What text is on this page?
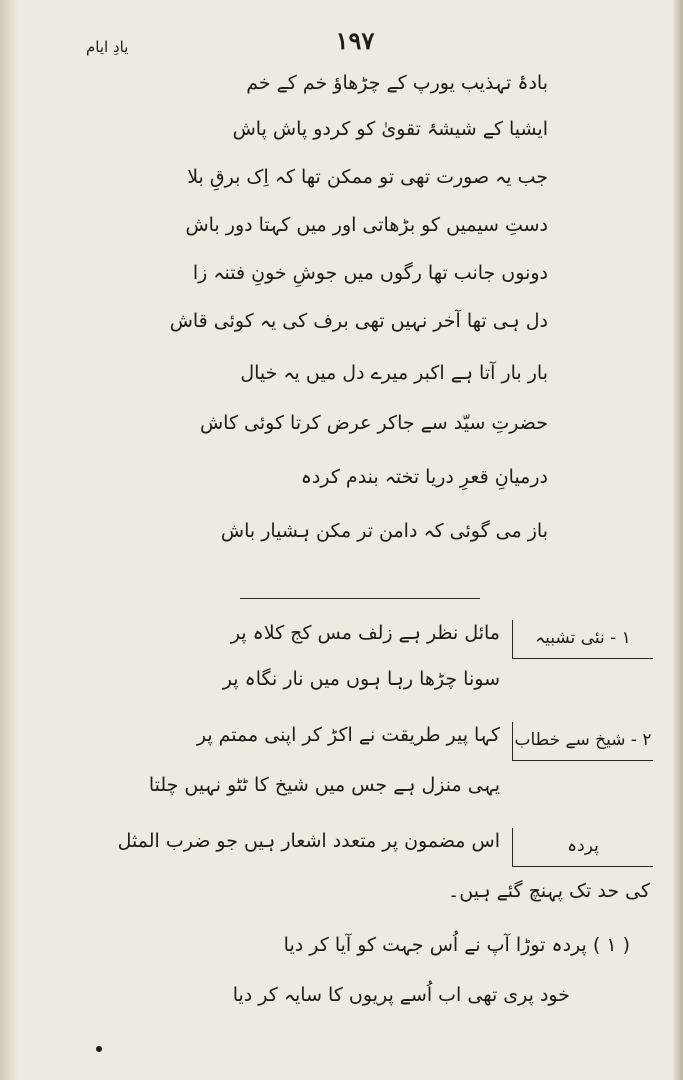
۱۹۷
یادِ ایام
بادۂ تہذیب یورپ کے چڑھاؤ خم کے خم
ایشیا کے شیشۂ تقویٰ کو کردو پاش پاش
جب یہ صورت تھی تو ممکن تھا کہ اِک برقِ بلا
دستِ سیمیں کو بڑھاتی اور میں کہتا دور باش
دونوں جانب تھا رگوں میں جوشِ خونِ فتنہ زا
دل ہی تھا آخر نہیں تھی برف کی یہ کوئی قاش
بار بار آتا ہے اکبر میرے دل میں یہ خیال
حضرتِ سیّد سے جاکر عرض کرتا کوئی کاش
درمیانِ قعرِ دریا تختہ بندم کردہ
باز می گوئی کہ دامن تر مکن ہشیار باش
۱ - نئی تشبیہ
مائل نظر ہے زلف مس کج کلاہ پر
سونا چڑھا رہا ہوں میں نار نگاہ پر
۲ - شیخ سے خطاب
کہا پیر طریقت نے اکڑ کر اپنی ممتم پر
یہی منزل ہے جس میں شیخ کا ٹٹو نہیں چلتا
پردہ
اس مضمون پر متعدد اشعار ہیں جو ضرب المثل
کی حد تک پہنچ گئے ہیں۔
( ۱ ) پردہ توڑا آپ نے اُس جہت کو آیا کر دیا
خود پری تھی اب اُسے پریوں کا سایہ کر دیا
